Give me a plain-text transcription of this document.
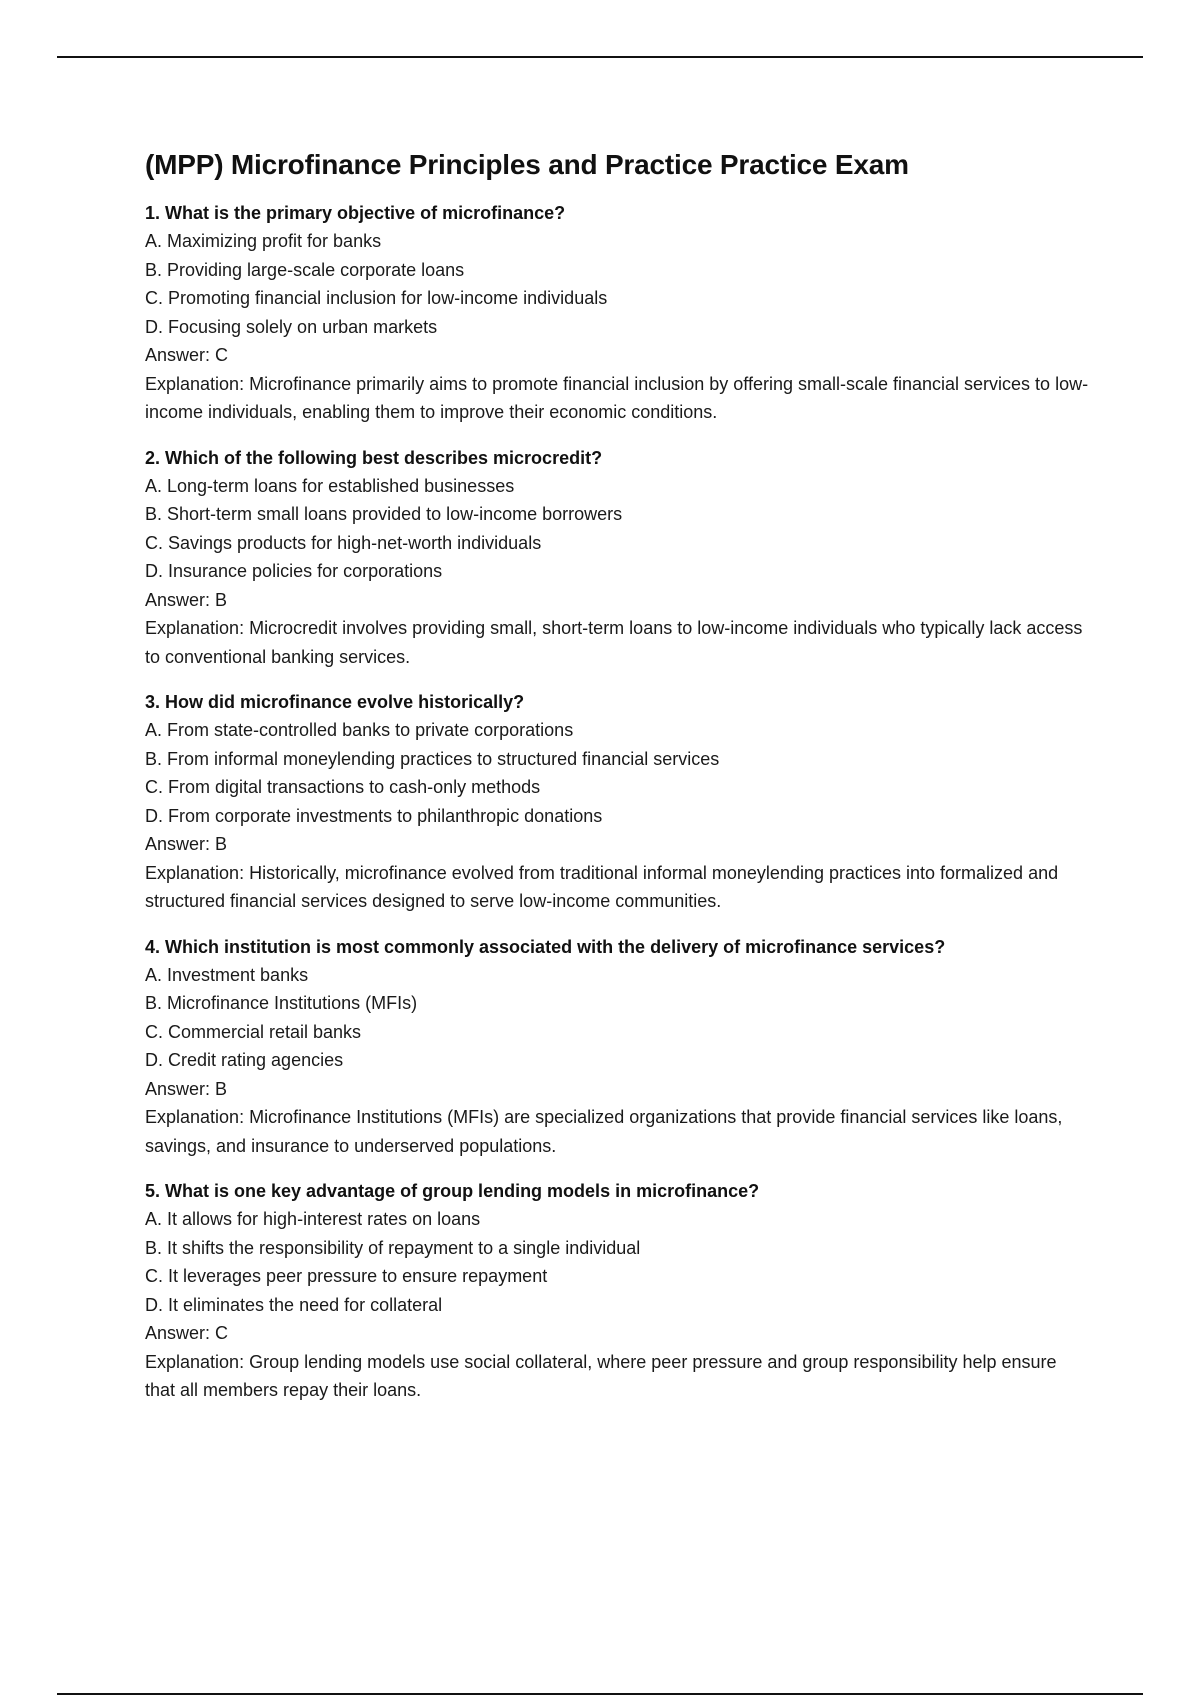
(MPP) Microfinance Principles and Practice Practice Exam

1. What is the primary objective of microfinance?

A. Maximizing profit for banks

B. Providing large-scale corporate loans

C. Promoting financial inclusion for low-income individuals

D. Focusing solely on urban markets

Answer: C

Explanation: Microfinance primarily aims to promote financial inclusion by offering small-scale financial services to low-income individuals, enabling them to improve their economic conditions.

2. Which of the following best describes microcredit?

A. Long-term loans for established businesses

B. Short-term small loans provided to low-income borrowers

C. Savings products for high-net-worth individuals

D. Insurance policies for corporations

Answer: B

Explanation: Microcredit involves providing small, short-term loans to low-income individuals who typically lack access to conventional banking services.

3. How did microfinance evolve historically?

A. From state-controlled banks to private corporations

B. From informal moneylending practices to structured financial services

C. From digital transactions to cash-only methods

D. From corporate investments to philanthropic donations

Answer: B

Explanation: Historically, microfinance evolved from traditional informal moneylending practices into formalized and structured financial services designed to serve low-income communities.

4. Which institution is most commonly associated with the delivery of microfinance services?

A. Investment banks

B. Microfinance Institutions (MFIs)

C. Commercial retail banks

D. Credit rating agencies

Answer: B

Explanation: Microfinance Institutions (MFIs) are specialized organizations that provide financial services like loans, savings, and insurance to underserved populations.

5. What is one key advantage of group lending models in microfinance?

A. It allows for high-interest rates on loans

B. It shifts the responsibility of repayment to a single individual

C. It leverages peer pressure to ensure repayment

D. It eliminates the need for collateral

Answer: C

Explanation: Group lending models use social collateral, where peer pressure and group responsibility help ensure that all members repay their loans.
